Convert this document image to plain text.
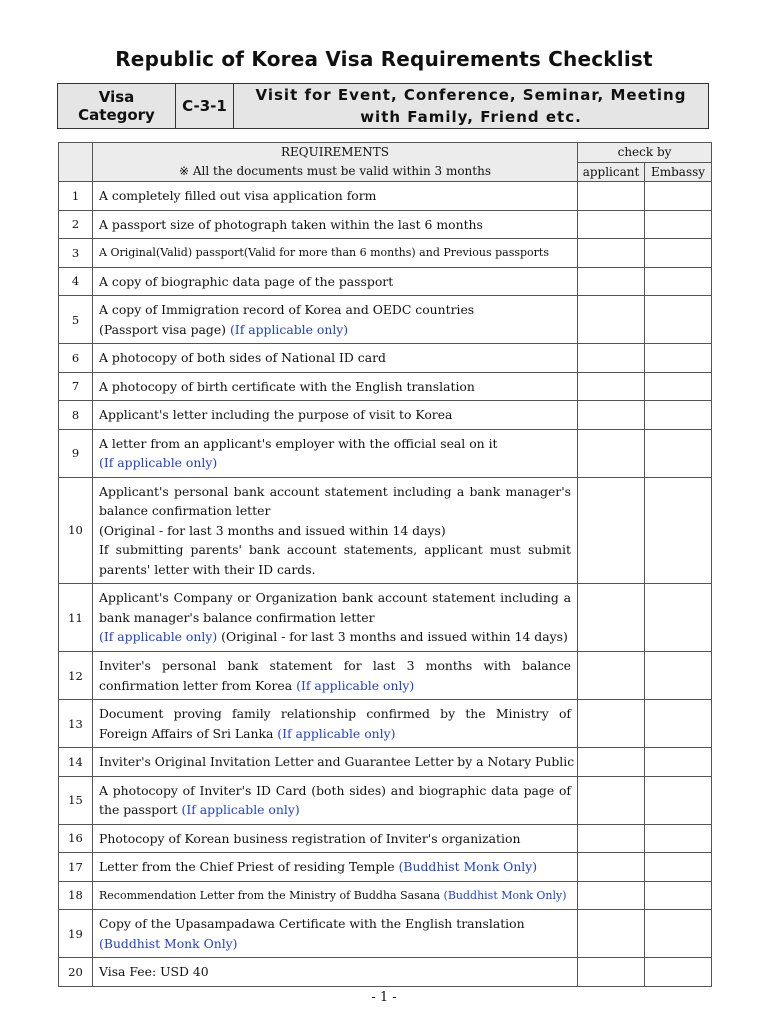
Republic of Korea Visa Requirements Checklist
Visa Category	C-3-1	
Visit for Event, Conference, Seminar, Meeting
with Family, Friend etc.

	REQUIREMENTS
※ All the documents must be valid within 3 months	check by	
		applicant	Embassy
1	A completely filled out visa application form		

2	A passport size of photograph taken within the last 6 months		

3	A Original(Valid) passport(Valid for more than 6 months) and Previous passports		

4	A copy of biographic data page of the passport		

5	A copy of Immigration record of Korea and OEDC countries
(Passport visa page) (If applicable only)		

6	A photocopy of both sides of National ID card		

7	A photocopy of birth certificate with the English translation		

8	Applicant's letter including the purpose of visit to Korea		

9	A letter from an applicant's employer with the official seal on it
(If applicable only)		

10	Applicant's personal bank account statement including a bank manager's balance confirmation letter
(Original - for last 3 months and issued within 14 days)
If submitting parents' bank account statements, applicant must submit parents' letter with their ID cards.		

11	Applicant's Company or Organization bank account statement including a bank manager's balance confirmation letter
(If applicable only) (Original - for last 3 months and issued within 14 days)		

12	Inviter's personal bank statement for last 3 months with balance confirmation letter from Korea (If applicable only)		

13	Document proving family relationship confirmed by the Ministry of Foreign Affairs of Sri Lanka (If applicable only)		

14	Inviter's Original Invitation Letter and Guarantee Letter by a Notary Public		

15	A photocopy of Inviter's ID Card (both sides) and biographic data page of the passport (If applicable only)		

16	Photocopy of Korean business registration of Inviter's organization		

17	Letter from the Chief Priest of residing Temple (Buddhist Monk Only)		

18	Recommendation Letter from the Ministry of Buddha Sasana (Buddhist Monk Only)		

19	Copy of the Upasampadawa Certificate with the English translation
(Buddhist Monk Only)		

20	Visa Fee: USD 40		

- 1 -
